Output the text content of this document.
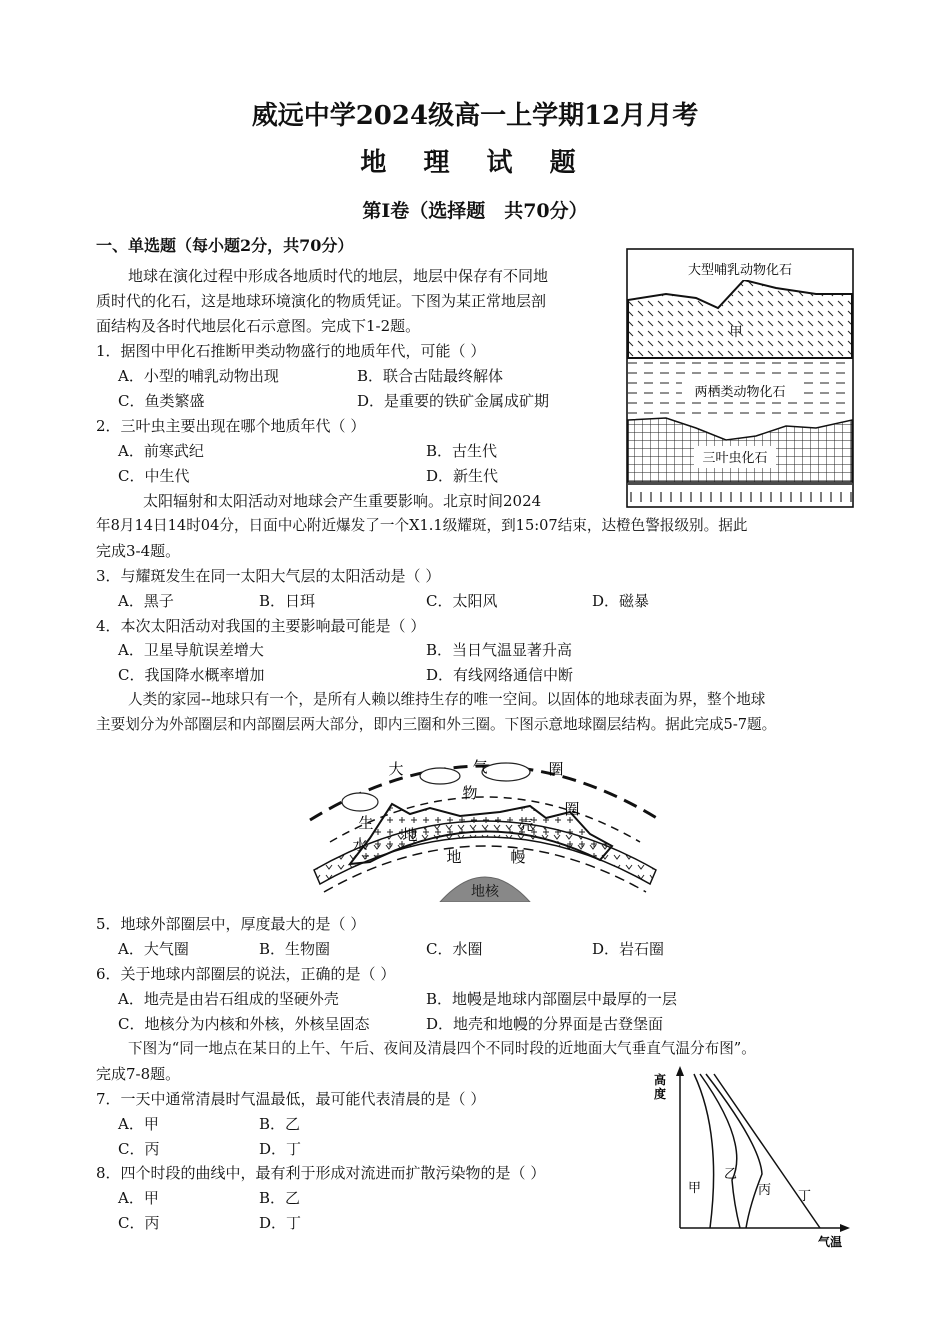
威远中学2024级高一上学期12月月考
地 理 试 题
第Ⅰ卷（选择题　共70分）
一、单选题（每小题2分，共70分）
地球在演化过程中形成各地质时代的地层，地层中保存有不同地
质时代的化石，这是地球环境演化的物质凭证。下图为某正常地层剖
面结构及各时代地层化石示意图。完成下1-2题。
1．据图中甲化石推断甲类动物盛行的地质年代，可能（ ）
A．小型的哺乳动物出现	B．联合古陆最终解体
C．鱼类繁盛	D．是重要的铁矿金属成矿期
2．三叶虫主要出现在哪个地质年代（ ）
A．前寒武纪	B．古生代
C．中生代	D．新生代
太阳辐射和太阳活动对地球会产生重要影响。北京时间2024
年8月14日14时04分，日面中心附近爆发了一个X1.1级耀斑，到15:07结束，达橙色警报级别。据此
完成3-4题。
3．与耀斑发生在同一太阳大气层的太阳活动是（ ）
A．黑子	B．日珥	C．太阳风	D．磁暴
4．本次太阳活动对我国的主要影响最可能是（ ）
A．卫星导航误差增大	B．当日气温显著升高
C．我国降水概率增加	D．有线网络通信中断
人类的家园--地球只有一个，是所有人赖以维持生存的唯一空间。以固体的地球表面为界，整个地球
主要划分为外部圈层和内部圈层两大部分，即内三圈和外三圈。下图示意地球圈层结构。据此完成5-7题。
5．地球外部圈层中，厚度最大的是（ ）
A．大气圈	B．生物圈	C．水圈	D．岩石圈
6．关于地球内部圈层的说法，正确的是（ ）
A．地壳是由岩石组成的坚硬外壳	B．地幔是地球内部圈层中最厚的一层
C．地核分为内核和外核，外核呈固态	D．地壳和地幔的分界面是古登堡面
下图为“同一地点在某日的上午、午后、夜间及清晨四个不同时段的近地面大气垂直气温分布图”。
完成7-8题。
7．一天中通常清晨时气温最低，最可能代表清晨的是（ ）
A．甲	B．乙
C．丙	D．丁
8．四个时段的曲线中，最有利于形成对流进而扩散污染物的是（ ）
A．甲	B．乙
C．丙	D．丁
大型哺乳动物化石
甲
两栖类动物化石
三叶虫化石
大	气	圈
生
物
圈
水
地
壳
地	幔
地核
高
度
气温
甲
乙
丙 丁
